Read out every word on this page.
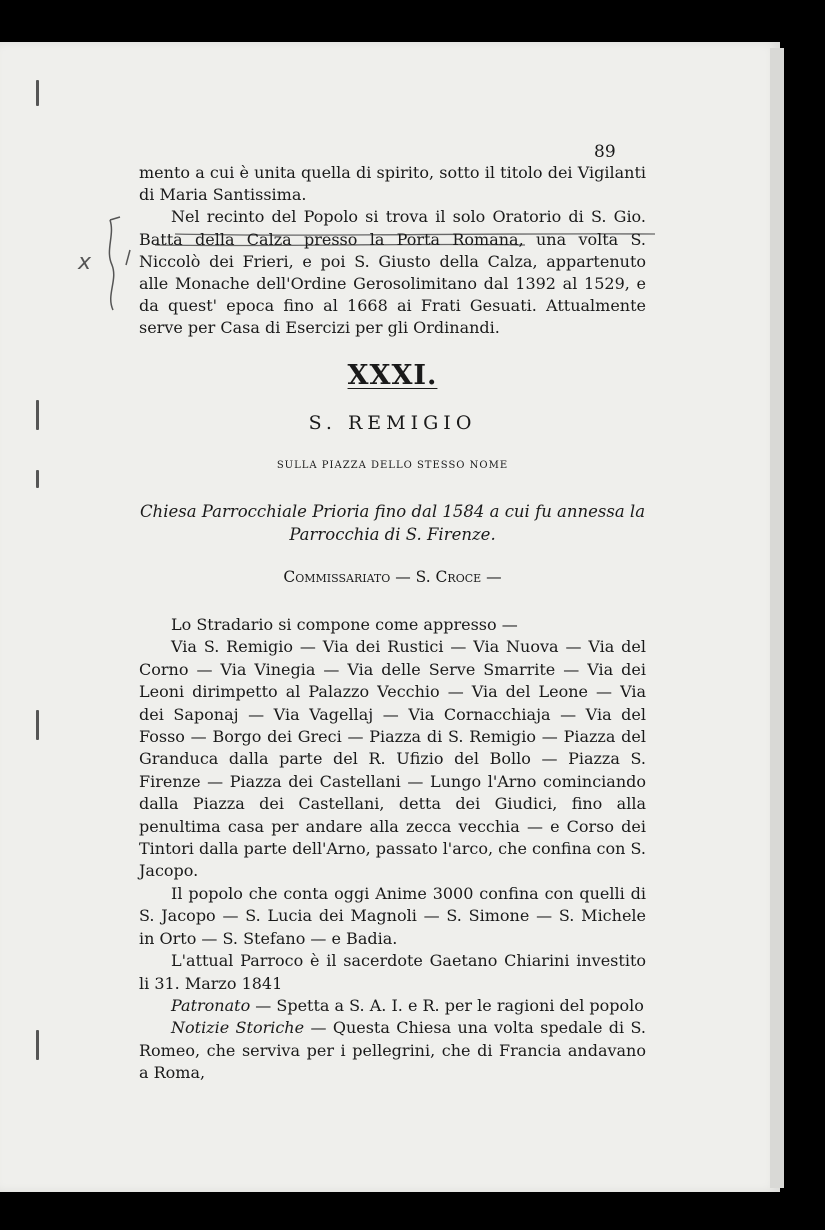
89
x

mento a cui è unita quella di spirito, sotto il titolo dei Vigilanti di Maria Santissima.

Nel recinto del Popolo si trova il solo Oratorio di S. Gio. Batta della Calza presso la Porta Romana, una volta S. Niccolò dei Frieri, e poi S. Giusto della Calza, appartenuto alle Monache dell'Ordine Gerosolimitano dal 1392 al 1529, e da quest' epoca fino al 1668 ai Frati Gesuati. Attualmente serve per Casa di Esercizi per gli Ordinandi.

XXXI.
S. REMIGIO
SULLA PIAZZA DELLO STESSO NOME
Chiesa Parrocchiale Prioria fino dal 1584 a cui fu annessa la Parrocchia di S. Firenze.
Commissariato — S. Croce —

Lo Stradario si compone come appresso —

Via S. Remigio — Via dei Rustici — Via Nuova — Via del Corno — Via Vinegia — Via delle Serve Smarrite — Via dei Leoni dirimpetto al Palazzo Vecchio — Via del Leone — Via dei Saponaj — Via Vagellaj — Via Cornacchiaja — Via del Fosso — Borgo dei Greci — Piazza di S. Remigio — Piazza del Granduca dalla parte del R. Ufizio del Bollo — Piazza S. Firenze — Piazza dei Castellani — Lungo l'Arno cominciando dalla Piazza dei Castellani, detta dei Giudici, fino alla penultima casa per andare alla zecca vecchia — e Corso dei Tintori dalla parte dell'Arno, passato l'arco, che confina con S. Jacopo.

Il popolo che conta oggi Anime 3000 confina con quelli di S. Jacopo — S. Lucia dei Magnoli — S. Simone — S. Michele in Orto — S. Stefano — e Badia.

L'attual Parroco è il sacerdote Gaetano Chiarini investito li 31. Marzo 1841

Patronato — Spetta a S. A. I. e R. per le ragioni del popolo

Notizie Storiche — Questa Chiesa una volta spedale di S. Romeo, che serviva per i pellegrini, che di Francia andavano a Roma,
